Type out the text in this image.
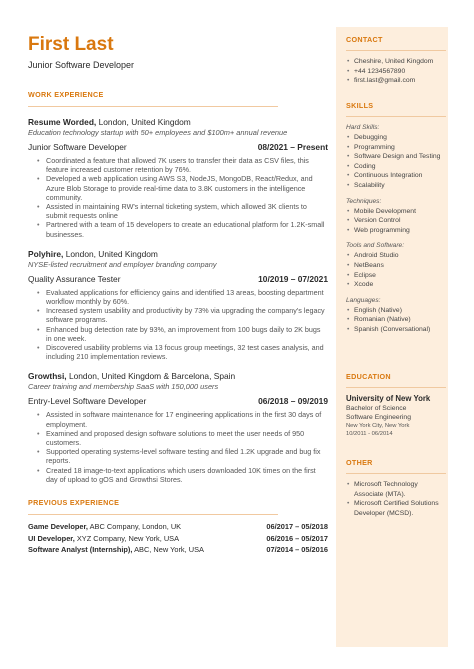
First Last
Junior Software Developer
WORK EXPERIENCE
Resume Worded, London, United Kingdom
Education technology startup with 50+ employees and $100m+ annual revenue
Junior Software Developer	08/2021 – Present
• Coordinated a feature that allowed 7K users to transfer their data as CSV files, this feature increased customer retention by 76%.
• Developed a web application using AWS S3, NodeJS, MongoDB, React/Redux, and Azure Blob Storage to provide real-time data to 3.8K customers in the intelligence community.
• Assisted in maintaining RW's internal ticketing system, which allowed 3K clients to submit requests online
• Partnered with a team of 15 developers to create an educational platform for 1.2K-small businesses.
Polyhire, London, United Kingdom
NYSE-listed recruitment and employer branding company
Quality Assurance Tester	10/2019 – 07/2021
• Evaluated applications for efficiency gains and identified 13 areas, boosting department workflow monthly by 60%.
• Increased system usability and productivity by 73% via upgrading the company's legacy software programs.
• Enhanced bug detection rate by 93%, an improvement from 100 bugs daily to 2K bugs in one week.
• Discovered usability problems via 13 focus group meetings, 32 test cases analysis, and including 210 implementation reviews.
Growthsi, London, United Kingdom & Barcelona, Spain
Career training and membership SaaS with 150,000 users
Entry-Level Software Developer	06/2018 – 09/2019
• Assisted in software maintenance for 17 engineering applications in the first 30 days of employment.
• Examined and proposed design software solutions to meet the user needs of 950 customers.
• Supported operating systems-level software testing and filed 1.2K upgrade and bug fix reports.
• Created 18 image-to-text applications which users downloaded 10K times on the first day of upload to gOS and Growthsi Stores.
PREVIOUS EXPERIENCE
Game Developer, ABC Company, London, UK	06/2017 – 05/2018
UI Developer, XYZ Company, New York, USA	06/2016 – 05/2017
Software Analyst (Internship), ABC, New York, USA	07/2014 – 05/2016
CONTACT
• Cheshire, United Kingdom
• +44 1234567890
• first.last@gmail.com
SKILLS
Hard Skills:
• Debugging
• Programming
• Software Design and Testing
• Coding
• Continuous Integration
• Scalability
Techniques:
• Mobile Development
• Version Control
• Web programming
Tools and Software:
• Android Studio
• NetBeans
• Eclipse
• Xcode
Languages:
• English (Native)
• Romanian (Native)
• Spanish (Conversational)
EDUCATION
University of New York
Bachelor of Science
Software Engineering
New York City, New York
10/2011 - 06/2014
OTHER
• Microsoft Technology Associate (MTA).
• Microsoft Certified Solutions Developer (MCSD).
